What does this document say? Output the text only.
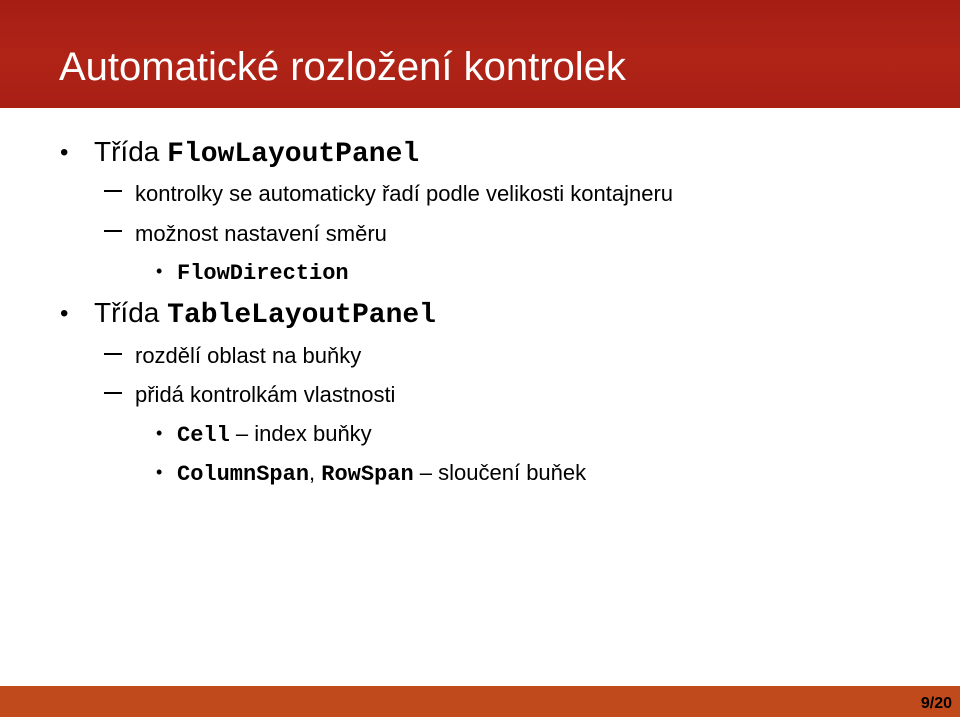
Automatické rozložení kontrolek
• Třída FlowLayoutPanel
kontrolky se automaticky řadí podle velikosti kontajneru
možnost nastavení směru
• FlowDirection
• Třída TableLayoutPanel
rozdělí oblast na buňky
přidá kontrolkám vlastnosti
• Cell – index buňky
• ColumnSpan, RowSpan – sloučení buňek
9/20
